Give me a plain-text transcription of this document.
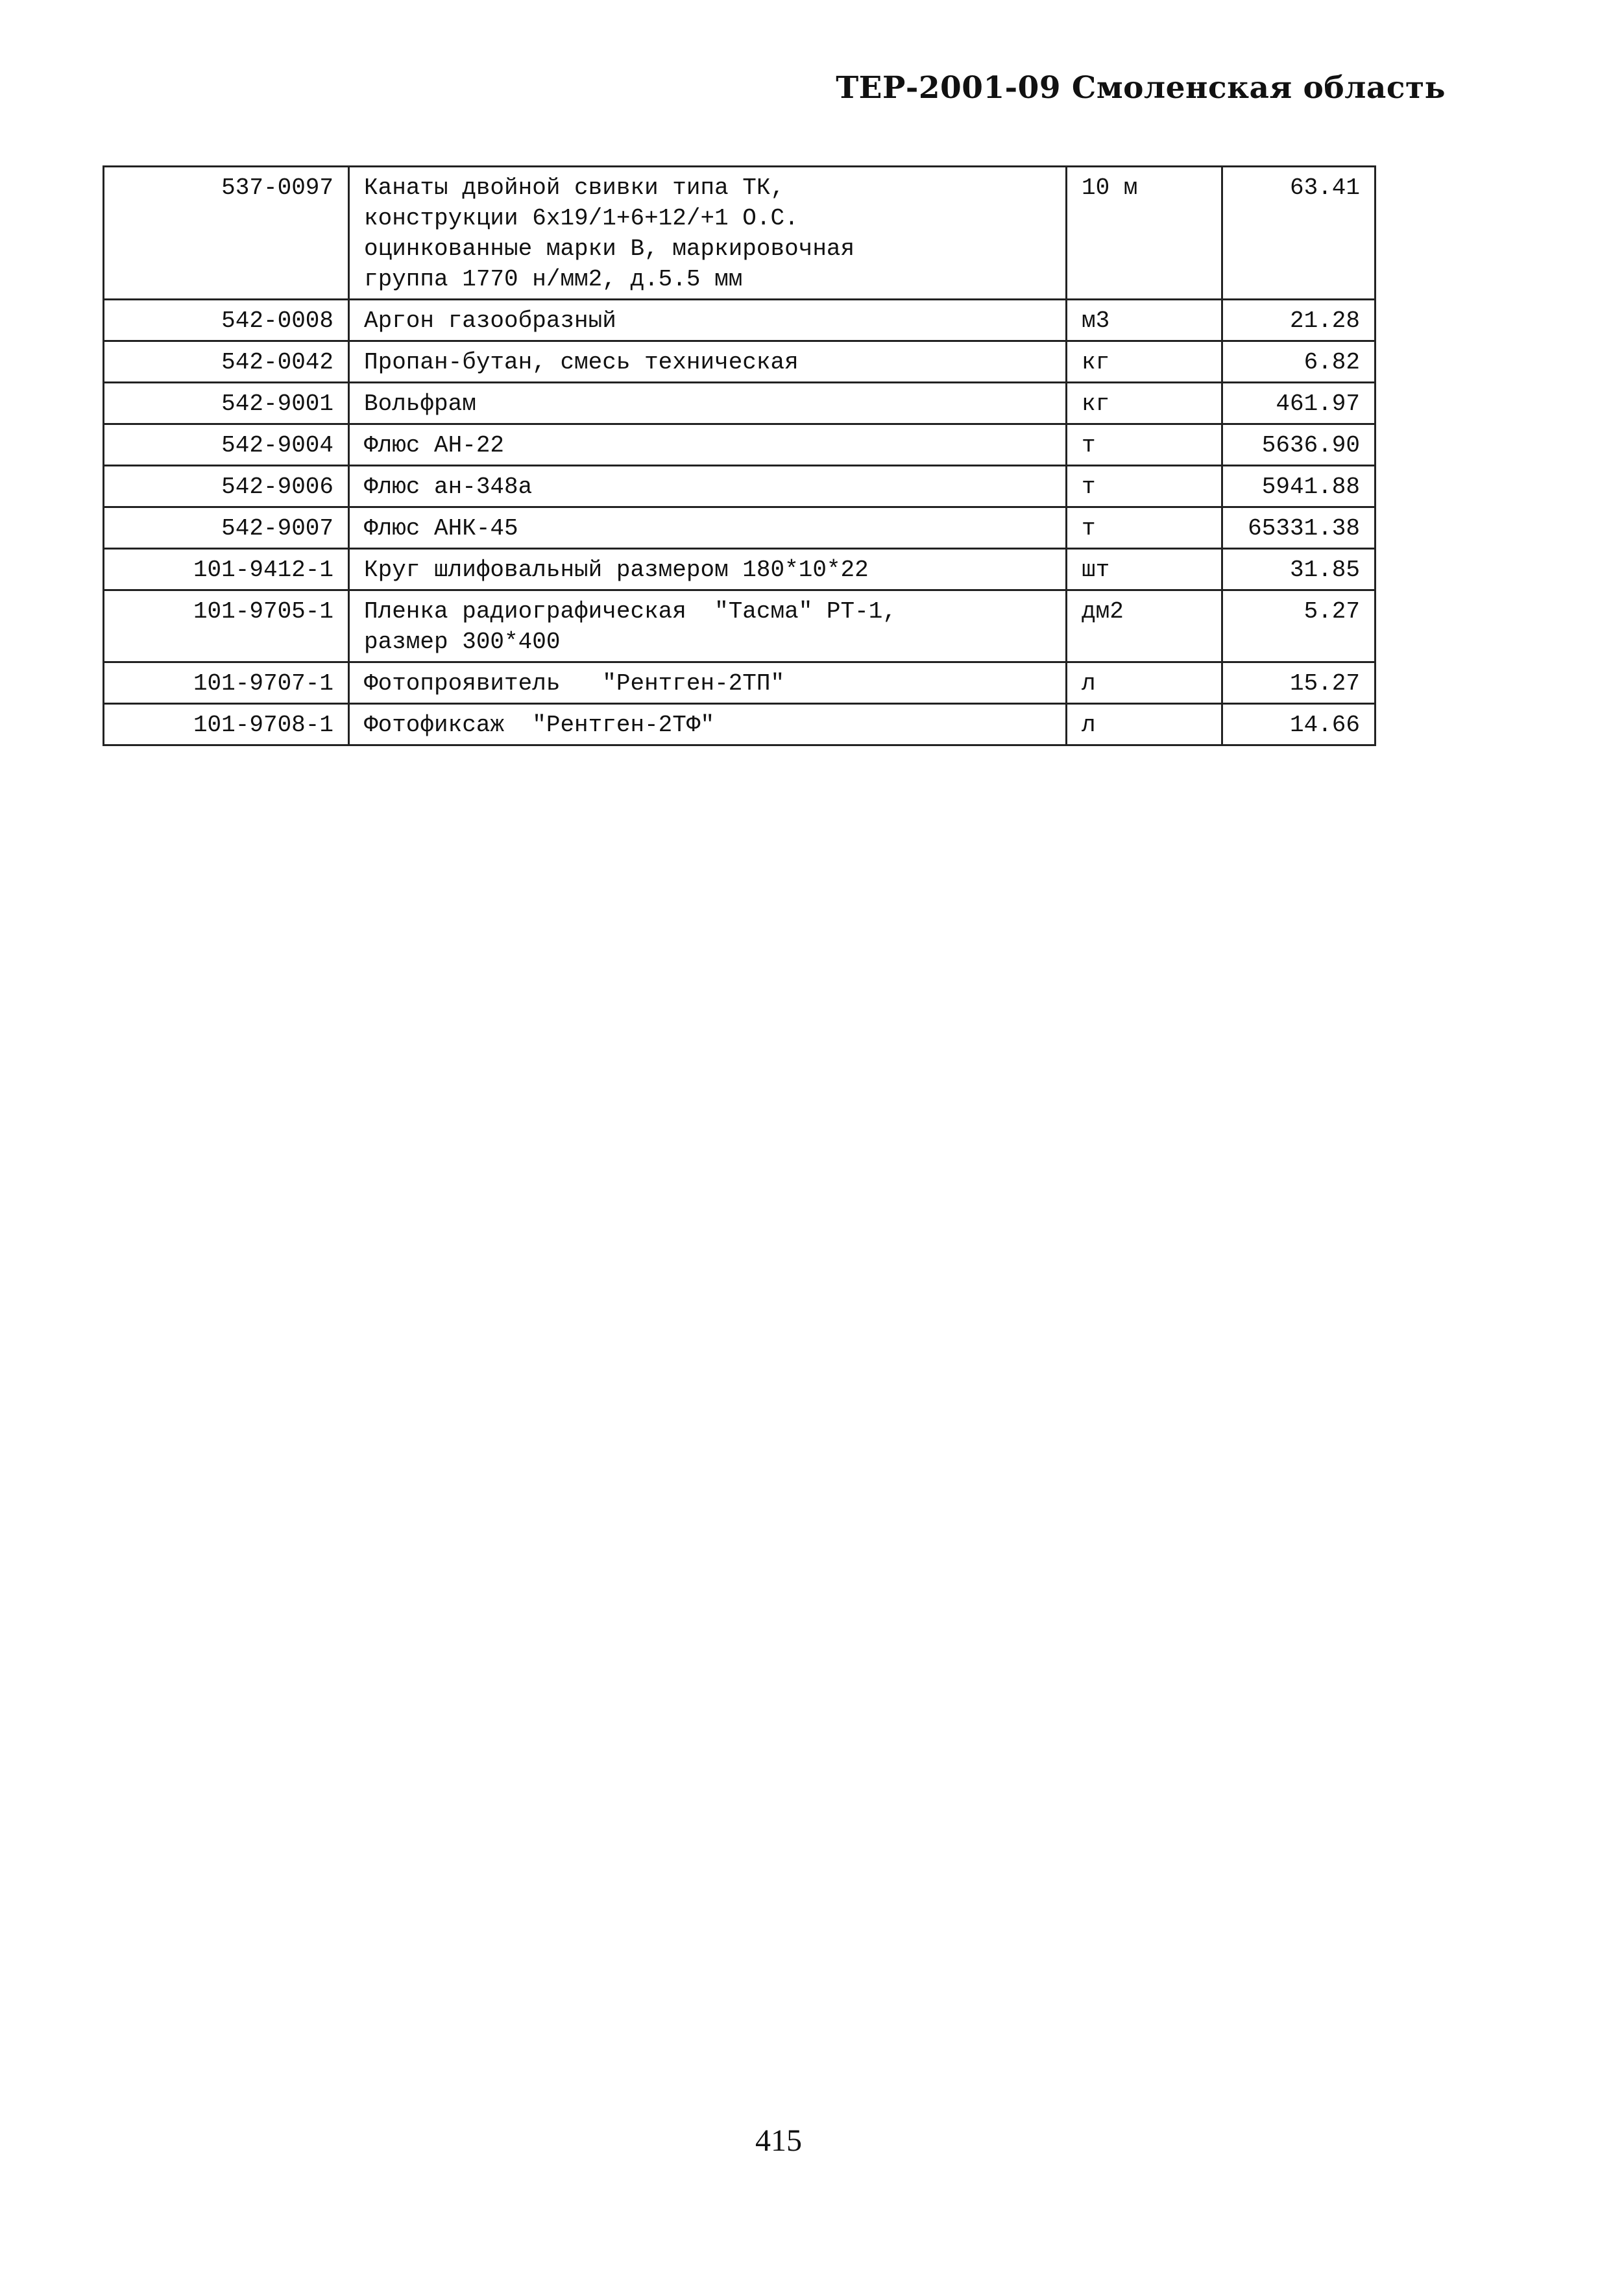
ТЕР-2001-09 Смоленская область
537-0097	Канаты двойной свивки типа ТК,
конструкции 6х19/1+6+12/+1 О.С.
оцинкованные марки В, маркировочная
группа 1770 н/мм2, д.5.5 мм	10 м	63.41
542-0008	Аргон газообразный	м3	21.28
542-0042	Пропан-бутан, смесь техническая	кг	6.82
542-9001	Вольфрам	кг	461.97
542-9004	Флюс АН-22	т	5636.90
542-9006	Флюс ан-348а	т	5941.88
542-9007	Флюс АНК-45	т	65331.38
101-9412-1	Круг шлифовальный размером 180*10*22	шт	31.85
101-9705-1	Пленка радиографическая  "Тасма" РТ-1,
размер 300*400	дм2	5.27
101-9707-1	Фотопроявитель   "Рентген-2ТП"	л	15.27
101-9708-1	Фотофиксаж  "Рентген-2ТФ"	л	14.66
415
